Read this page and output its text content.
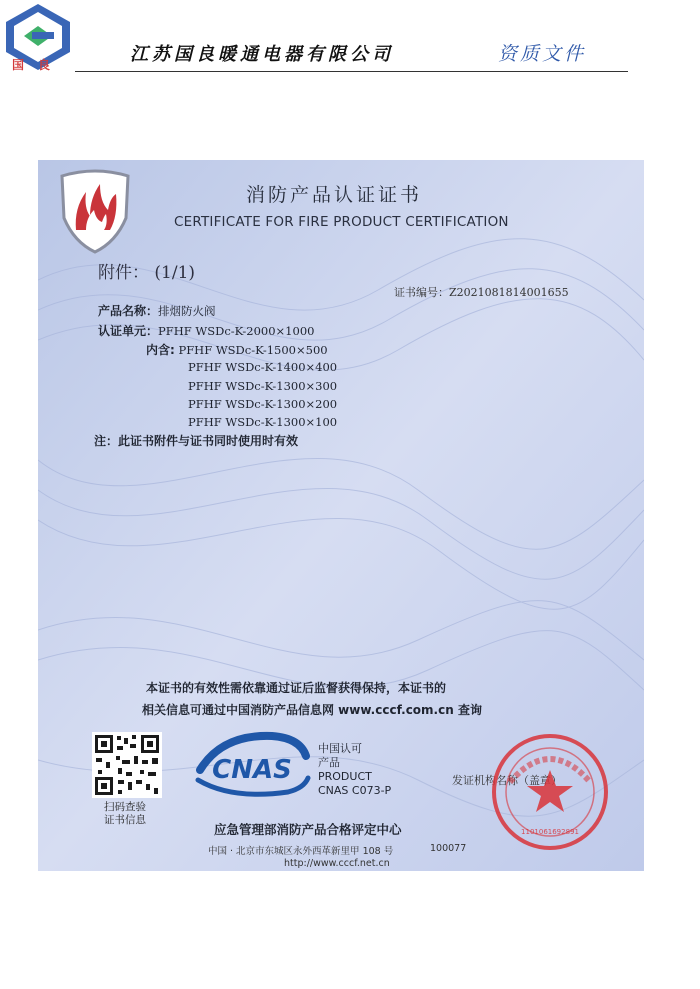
国良	江苏国良暖通电器有限公司	资质文件
消防产品认证证书
CERTIFICATE FOR FIRE PRODUCT CERTIFICATION
附件： (1/1)
证书编号：Z2021081814001655
产品名称：排烟防火阀
认证单元：PFHF WSDc-K-2000×1000
内含: PFHF WSDc-K-1500×500
PFHF WSDc-K-1400×400
PFHF WSDc-K-1300×300
PFHF WSDc-K-1300×200
PFHF WSDc-K-1300×100
注：此证书附件与证书同时使用时有效
本证书的有效性需依靠通过证后监督获得保持，本证书的
相关信息可通过中国消防产品信息网 www.cccf.com.cn 查询
扫码查验
证书信息
CNAS
中国认可
产品
PRODUCT
CNAS C073-P
发证机构名称（盖章）
1101061692891
应急管理部消防产品合格评定中心
中国 · 北京市东城区永外西革新里甲 108 号	100077
http://www.cccf.net.cn
